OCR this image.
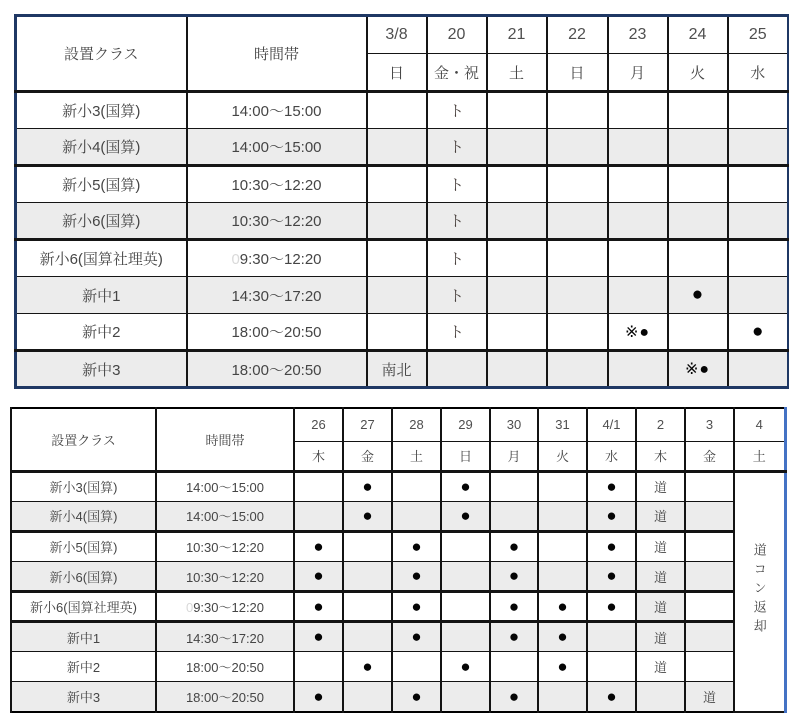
設置クラス	時間帯	3/8	20	21	22	23	24	25
		日	金・祝	土	日	月	火	水
新小3(国算)	14:00～15:00		ト					
新小4(国算)	14:00～15:00		ト					
新小5(国算)	10:30～12:20		ト					
新小6(国算)	10:30～12:20		ト					
新小6(国算社理英)	09:30～12:20		ト					
新中1	14:30～17:20		ト				●	
新中2	18:00～20:50		ト			※●		●
新中3	18:00～20:50	南北					※●	
設置クラス	時間帯	26	27	28	29	30	31	4/1	2	3	4
		木	金	土	日	月	火	水	木	金	土
新小3(国算)	14:00～15:00		●		●			●	道		道コン返却
新小4(国算)	14:00～15:00		●		●			●	道		
新小5(国算)	10:30～12:20	●		●		●		●	道		
新小6(国算)	10:30～12:20	●		●		●		●	道		
新小6(国算社理英)	09:30～12:20	●		●		●	●	●	道		
新中1	14:30～17:20	●		●		●	●		道		
新中2	18:00～20:50		●		●		●		道		
新中3	18:00～20:50	●		●		●		●		道	
